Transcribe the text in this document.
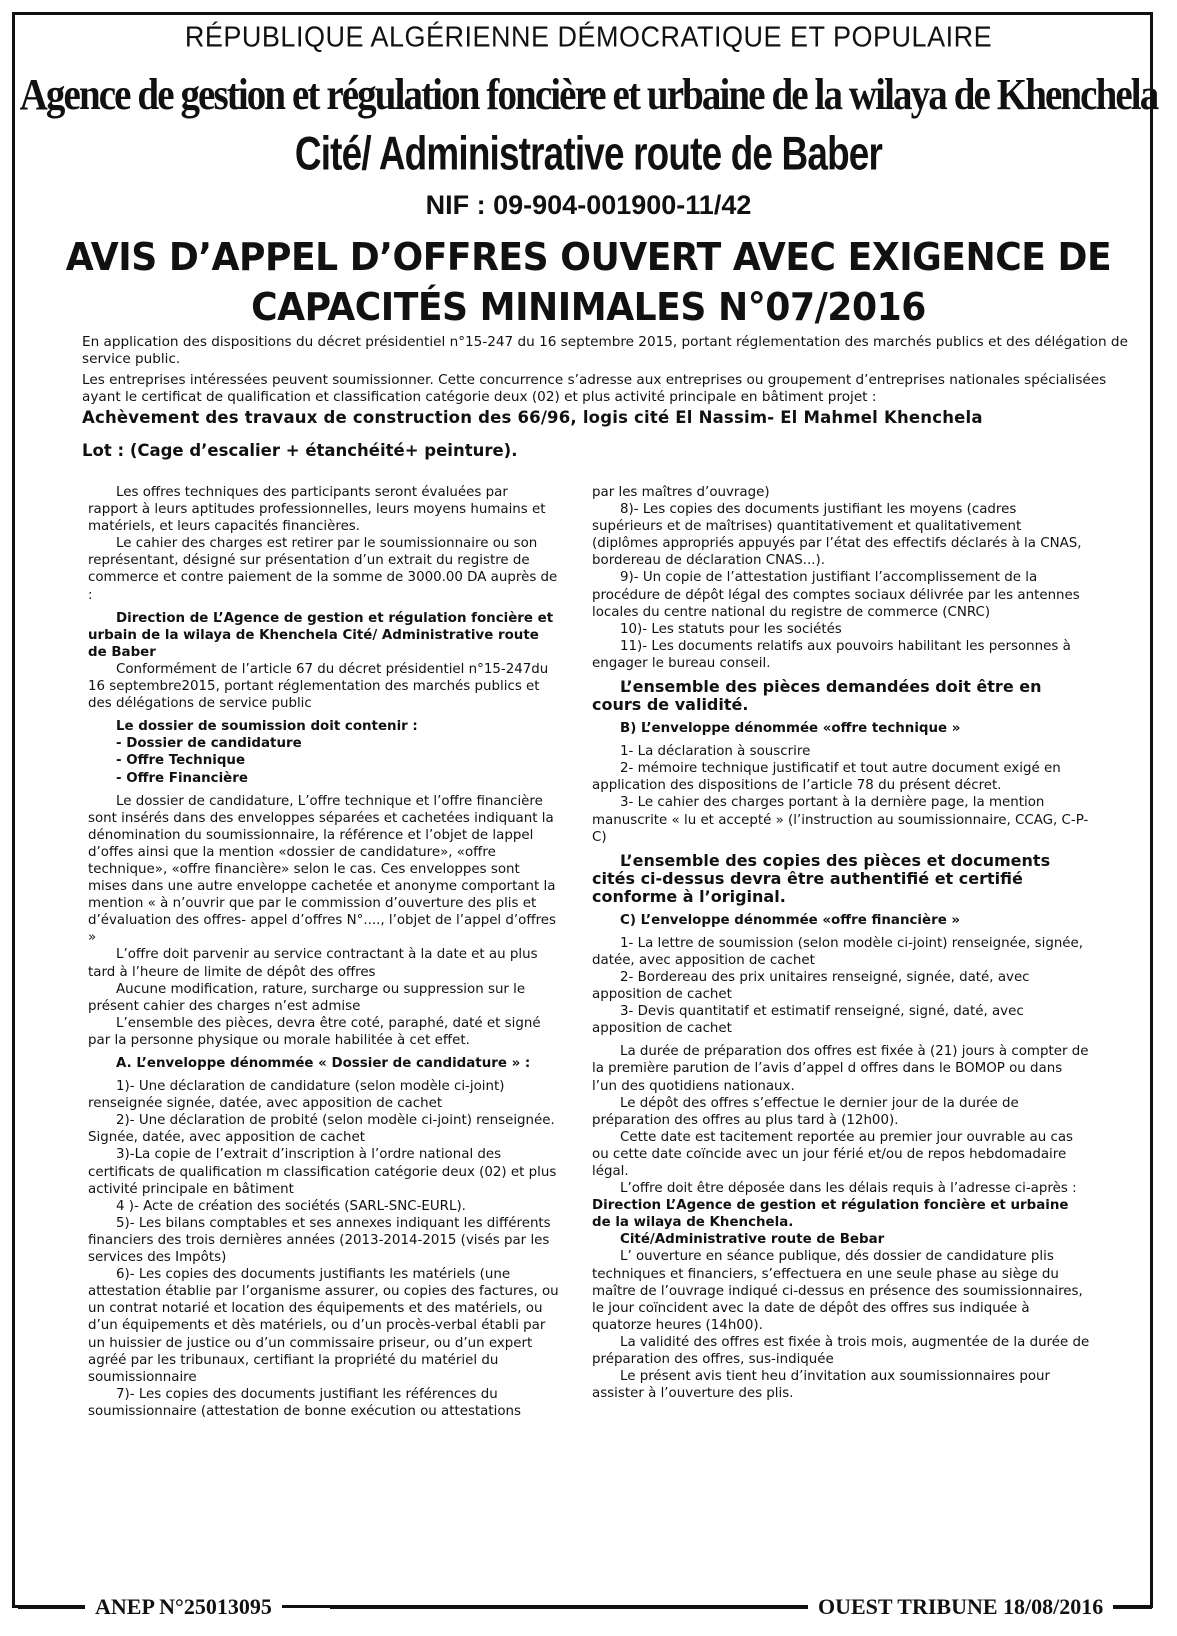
RÉPUBLIQUE ALGÉRIENNE DÉMOCRATIQUE ET POPULAIRE
Agence de gestion et régulation foncière et urbaine de la wilaya de Khenchela
Cité/ Administrative route de Baber
NIF : 09-904-001900-11/42
AVIS D’APPEL D’OFFRES OUVERT AVEC EXIGENCE DE
CAPACITÉS MINIMALES N°07/2016

En application des dispositions du décret présidentiel n°15-247 du 16 septembre 2015, portant réglementation des marchés publics et des délégation de service public.

Les entreprises intéressées peuvent soumissionner. Cette concurrence s’adresse aux entreprises ou groupement d’entreprises nationales spécialisées ayant le certificat de qualification et classification catégorie deux (02) et plus activité principale en bâtiment projet :

Achèvement des travaux de construction des 66/96, logis cité El Nassim- El Mahmel Khenchela
Lot : (Cage d’escalier + étanchéité+ peinture).

Les offres techniques des participants seront évaluées par rapport à leurs aptitudes professionnelles, leurs moyens humains et matériels, et leurs capacités financières.

Le cahier des charges est retirer par le soumissionnaire ou son représentant, désigné sur présentation d’un extrait du registre de commerce et contre paiement de la somme de 3000.00 DA auprès de :

Direction de L’Agence de gestion et régulation foncière et urbain de la wilaya de Khenchela Cité/ Administrative route de Baber

Conformément de l’article 67 du décret présidentiel n°15-247du 16 septembre2015, portant réglementation des marchés publics et des délégations de service public

Le dossier de soumission doit contenir :

- Dossier de candidature

- Offre Technique

- Offre Financière

Le dossier de candidature, L’offre technique et l’offre financière sont insérés dans des enveloppes séparées et cachetées indiquant la dénomination du soumissionnaire, la référence et l’objet de lappel d’offes ainsi que la mention «dossier de candidature», «offre technique», «offre financière» selon le cas. Ces enveloppes sont mises dans une autre enveloppe cachetée et anonyme comportant la mention « à n’ouvrir que par le commission d’ouverture des plis et d’évaluation des offres- appel d’offres N°...., l’objet de l’appel d’offres »

L’offre doit parvenir au service contractant à la date et au plus tard à l’heure de limite de dépôt des offres

Aucune modification, rature, surcharge ou suppression sur le présent cahier des charges n’est admise

L’ensemble des pièces, devra être coté, paraphé, daté et signé par la personne physique ou morale habilitée à cet effet.

A. L’enveloppe dénommée « Dossier de candidature » :

1)- Une déclaration de candidature (selon modèle ci-joint) renseignée signée, datée, avec apposition de cachet

2)- Une déclaration de probité (selon modèle ci-joint) renseignée. Signée, datée, avec apposition de cachet

3)-La copie de l’extrait d’inscription à l’ordre national des certificats de qualification m classification catégorie deux (02) et plus activité principale en bâtiment

4 )- Acte de création des sociétés (SARL-SNC-EURL).

5)- Les bilans comptables et ses annexes indiquant les différents financiers des trois dernières années (2013-2014-2015 (visés par les services des Impôts)

6)- Les copies des documents justifiants les matériels (une attestation établie par l’organisme assurer, ou copies des factures, ou un contrat notarié et location des équipements et des matériels, ou d’un équipements et dès matériels, ou d’un procès-verbal établi par un huissier de justice ou d’un commissaire priseur, ou d’un expert agréé par les tribunaux, certifiant la propriété du matériel du soumissionnaire

7)- Les copies des documents justifiant les références du soumissionnaire (attestation de bonne exécution ou attestations

par les maîtres d’ouvrage)

8)- Les copies des documents justifiant les moyens (cadres supérieurs et de maîtrises) quantitativement et qualitativement (diplômes appropriés appuyés par l’état des effectifs déclarés à la CNAS, bordereau de déclaration CNAS...).

9)- Un copie de l’attestation justifiant l’accomplissement de la procédure de dépôt légal des comptes sociaux délivrée par les antennes locales du centre national du registre de commerce (CNRC)

10)- Les statuts pour les sociétés

11)- Les documents relatifs aux pouvoirs habilitant les personnes à engager le bureau conseil.

L’ensemble des pièces demandées doit être en cours de validité.

B) L’enveloppe dénommée «offre technique »

1- La déclaration à souscrire

2- mémoire technique justificatif et tout autre document exigé en application des dispositions de l’article 78 du présent décret.

3- Le cahier des charges portant à la dernière page, la mention manuscrite « lu et accepté » (l’instruction au soumissionnaire, CCAG, C-P-C)

L’ensemble des copies des pièces et documents cités ci-dessus devra être authentifié et certifié conforme à l’original.

C) L’enveloppe dénommée «offre financière »

1- La lettre de soumission (selon modèle ci-joint) renseignée, signée, datée, avec apposition de cachet

2- Bordereau des prix unitaires renseigné, signée, daté, avec apposition de cachet

3- Devis quantitatif et estimatif renseigné, signé, daté, avec apposition de cachet

La durée de préparation dos offres est fixée à (21) jours à compter de la première parution de l’avis d’appel d offres dans le BOMOP ou dans l’un des quotidiens nationaux.

Le dépôt des offres s’effectue le dernier jour de la durée de préparation des offres au plus tard à (12h00).

Cette date est tacitement reportée au premier jour ouvrable au cas ou cette date coïncide avec un jour férié et/ou de repos hebdomadaire légal.

L’offre doit être déposée dans les délais requis à l’adresse ci-après : Direction L’Agence de gestion et régulation foncière et urbaine de la wilaya de Khenchela.

Cité/Administrative route de Bebar

L’ ouverture en séance publique, dés dossier de candidature plis techniques et financiers, s’effectuera en une seule phase au siège du maître de l’ouvrage indiqué ci-dessus en présence des soumissionnaires, le jour coïncident avec la date de dépôt des offres sus indiquée à quatorze heures (14h00).

La validité des offres est fixée à trois mois, augmentée de la durée de préparation des offres, sus-indiquée

Le présent avis tient heu d’invitation aux soumissionnaires pour assister à l’ouverture des plis.

ANEP N°25013095	OUEST TRIBUNE 18/08/2016
